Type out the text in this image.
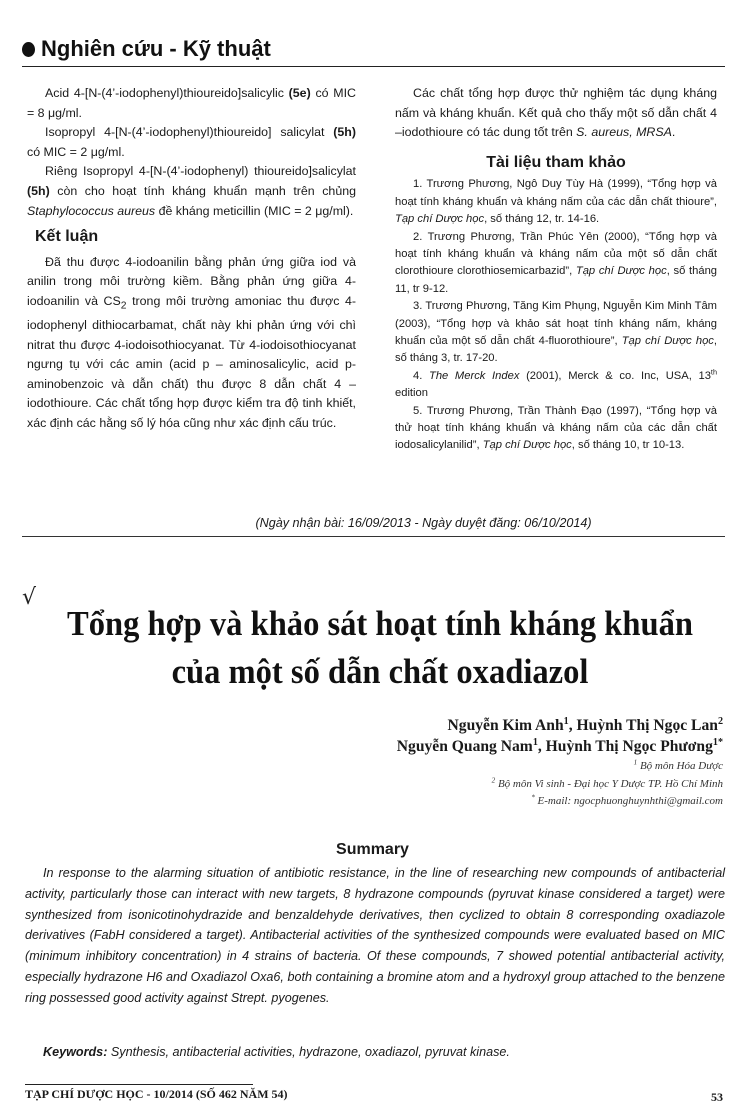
Nghiên cứu - Kỹ thuật

Acid 4-[N-(4’-iodophenyl)thioureido]salicylic (5e) có MIC = 8 μg/ml.

Isopropyl 4-[N-(4’-iodophenyl)thioureido] salicylat (5h) có MIC = 2 μg/ml.

Riêng Isopropyl 4-[N-(4’-iodophenyl) thioureido]salicylat (5h) còn cho hoạt tính kháng khuẩn mạnh trên chủng Staphylococcus aureus đề kháng meticillin (MIC = 2 μg/ml).

Kết luận

Đã thu được 4-iodoanilin bằng phản ứng giữa iod và anilin trong môi trường kiềm. Bằng phản ứng giữa 4-iodoanilin và $CS_2$ trong môi trường amoniac thu được 4-iodophenyl dithiocarbamat, chất này khi phản ứng với chì nitrat thu được 4-iodoisothiocyanat. Từ 4-iodoisothiocyanat ngưng tụ với các amin (acid p – aminosalicylic, acid p-aminobenzoic và dẫn chất) thu được 8 dẫn chất 4 –iodothioure. Các chất tổng hợp được kiểm tra độ tinh khiết, xác định các hằng số lý hóa cũng như xác định cấu trúc.

Các chất tổng hợp được thử nghiệm tác dụng kháng nấm và kháng khuẩn. Kết quả cho thấy một số dẫn chất 4 –iodothioure có tác dung tốt trên S. aureus, MRSA.

Tài liệu tham khảo

1. Trương Phương, Ngô Duy Tùy Hà (1999), “Tổng hợp và hoạt tính kháng khuẩn và kháng nấm của các dẫn chất thioure”, Tạp chí Dược học, số tháng 12, tr. 14-16.

2. Trương Phương, Trần Phúc Yên (2000), “Tổng hợp và hoạt tính kháng khuẩn và kháng nấm của một số dẫn chất clorothioure clorothiosemicarbazid”, Tạp chí Dược học, số tháng 11, tr 9-12.

3. Trương Phương, Tăng Kim Phụng, Nguyễn Kim Minh Tâm (2003), “Tổng hợp và khảo sát hoạt tính kháng nấm, kháng khuẩn của một số dẫn chất 4-fluorothioure”, Tạp chí Dược học, số tháng 3, tr. 17-20.

4. The Merck Index (2001), Merck & co. Inc, USA, 13th edition

5. Trương Phương, Trần Thành Đạo (1997), “Tổng hợp và thử hoạt tính kháng khuẩn và kháng nấm của các dẫn chất iodosalicylanilid”, Tạp chí Dược học, số tháng 10, tr 10-13.

(Ngày nhận bài: 16/09/2013 - Ngày duyệt đăng: 06/10/2014)
√
Tổng hợp và khảo sát hoạt tính kháng khuẩn
của một số dẫn chất oxadiazol
Nguyễn Kim Anh$^1$, Huỳnh Thị Ngọc Lan$^2$
Nguyễn Quang Nam$^1$, Huỳnh Thị Ngọc Phương$^{1*}$
$^1$ Bộ môn Hóa Dược
$^2$ Bộ môn Vi sinh - Đại học Y Dược TP. Hồ Chí Minh
* E-mail: ngocphuonghuynhthi@gmail.com
Summary

In response to the alarming situation of antibiotic resistance, in the line of researching new compounds of antibacterial activity, particularly those can interact with new targets, 8 hydrazone compounds (pyruvat kinase considered a target) were synthesized from isonicotinohydrazide and benzaldehyde derivatives, then cyclized to obtain 8 corresponding oxadiazole derivatives (FabH considered a target). Antibacterial activities of the synthesized compounds were evaluated based on MIC (minimum inhibitory concentration) in 4 strains of bacteria. Of these compounds, 7 showed potential antibacterial activity, especially hydrazone H6 and Oxadiazol Oxa6, both containing a bromine atom and a hydroxyl group attached to the benzene ring possessed good activity against Strept. pyogenes.

Keywords: Synthesis, antibacterial activities, hydrazone, oxadiazol, pyruvat kinase.
TẠP CHÍ DƯỢC HỌC - 10/2014 (SỐ 462 NĂM 54)	53
